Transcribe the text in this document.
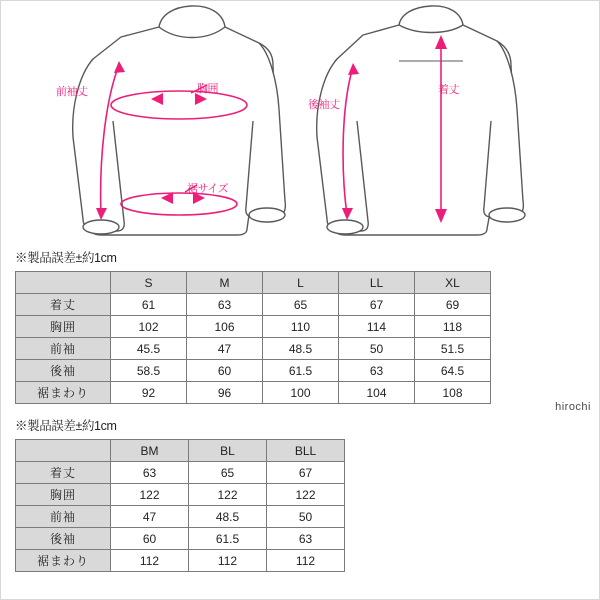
前袖丈	胸囲
裾サイズ
後袖丈
着丈
※製品誤差±約1cm
	S	M	L	LL	XL
着丈	61	63	65	67	69
胸囲	102	106	110	114	118
前袖	45.5	47	48.5	50	51.5
後袖	58.5	60	61.5	63	64.5
裾まわり	92	96	100	104	108
hirochi
※製品誤差±約1cm
	BM	BL	BLL
着丈	63	65	67
胸囲	122	122	122
前袖	47	48.5	50
後袖	60	61.5	63
裾まわり	112	112	112
